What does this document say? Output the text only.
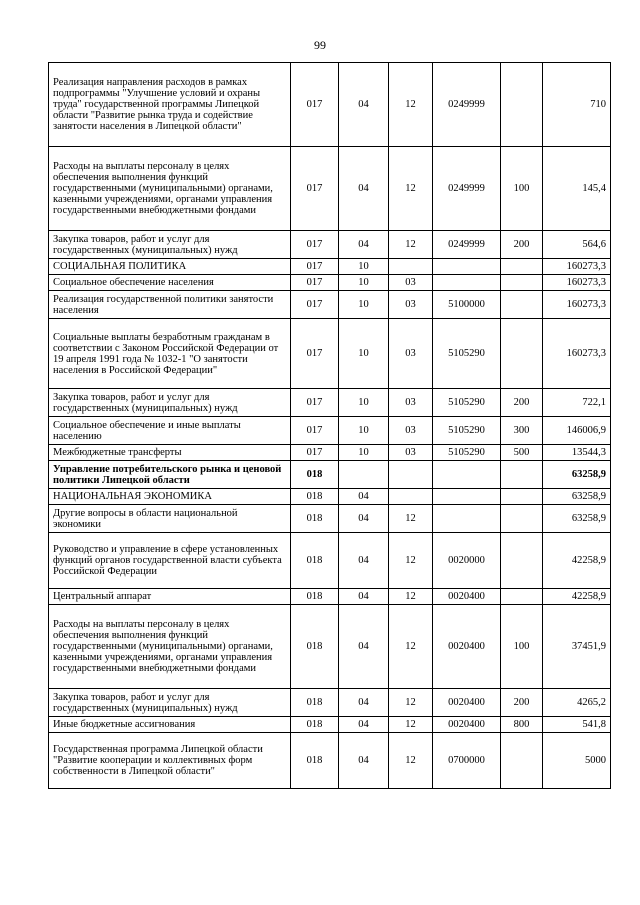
99
Реализация направления расходов в рамках подпрограммы "Улучшение условий и охраны труда" государственной программы Липецкой области "Развитие рынка труда и содействие занятости населения в Липецкой области"	017	04	12	0249999		710
Расходы на выплаты персоналу в целях обеспечения выполнения функций государственными (муниципальными) органами, казенными учреждениями, органами управления государственными внебюджетными фондами	017	04	12	0249999	100	145,4
Закупка товаров, работ и услуг для государственных (муниципальных) нужд	017	04	12	0249999	200	564,6
СОЦИАЛЬНАЯ ПОЛИТИКА	017	10				160273,3
Социальное обеспечение населения	017	10	03			160273,3
Реализация государственной политики занятости населения	017	10	03	5100000		160273,3
Социальные выплаты безработным гражданам в соответствии с Законом Российской Федерации от 19 апреля 1991 года № 1032-1 "О занятости населения в Российской Федерации"	017	10	03	5105290		160273,3
Закупка товаров, работ и услуг для государственных (муниципальных) нужд	017	10	03	5105290	200	722,1
Социальное обеспечение и иные выплаты населению	017	10	03	5105290	300	146006,9
Межбюджетные трансферты	017	10	03	5105290	500	13544,3
Управление потребительского рынка и ценовой политики Липецкой области	018					63258,9
НАЦИОНАЛЬНАЯ ЭКОНОМИКА	018	04				63258,9
Другие вопросы в области национальной экономики	018	04	12			63258,9
Руководство и управление в сфере установленных функций органов государственной власти субъекта Российской Федерации	018	04	12	0020000		42258,9
Центральный аппарат	018	04	12	0020400		42258,9
Расходы на выплаты персоналу в целях обеспечения выполнения функций государственными (муниципальными) органами, казенными учреждениями, органами управления государственными внебюджетными фондами	018	04	12	0020400	100	37451,9
Закупка товаров, работ и услуг для государственных (муниципальных) нужд	018	04	12	0020400	200	4265,2
Иные бюджетные ассигнования	018	04	12	0020400	800	541,8
Государственная программа Липецкой области "Развитие кооперации и коллективных форм собственности в Липецкой области"	018	04	12	0700000		5000
